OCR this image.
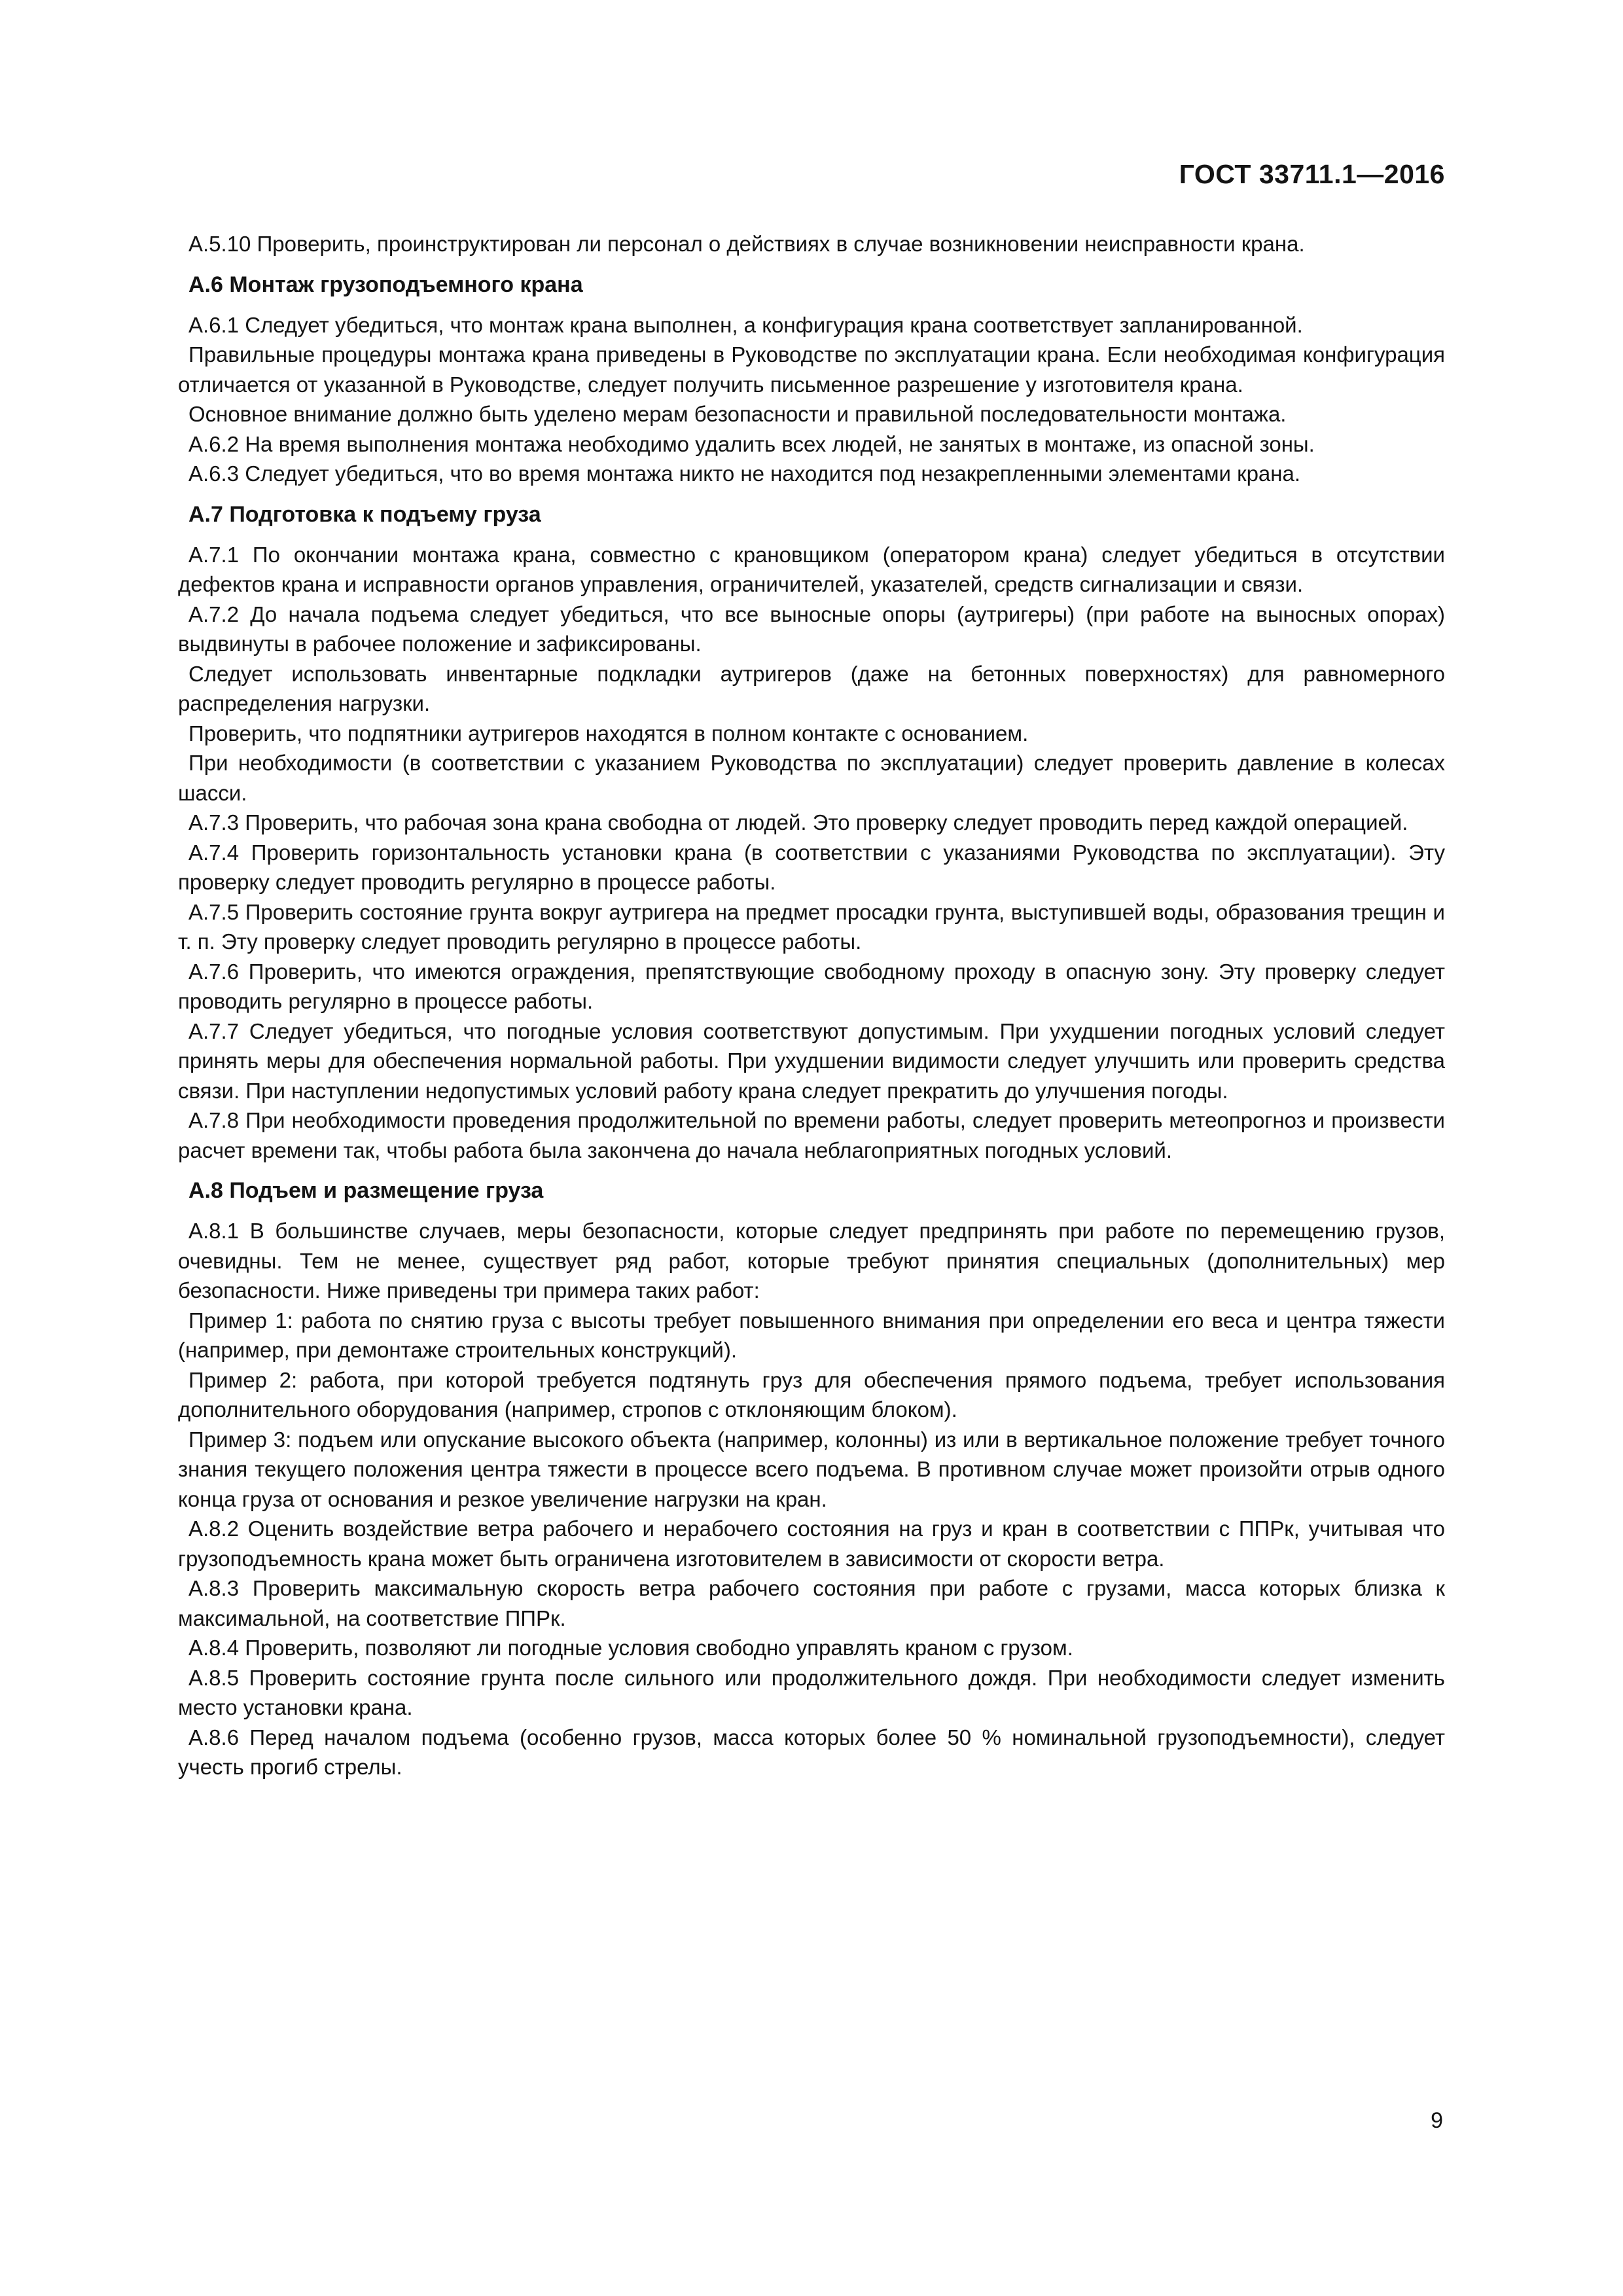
ГОСТ 33711.1—2016
А.5.10 Проверить, проинструктирован ли персонал о действиях в случае возникновении неисправности крана.
А.6 Монтаж грузоподъемного крана
А.6.1 Следует убедиться, что монтаж крана выполнен, а конфигурация крана соответствует запланированной.
Правильные процедуры монтажа крана приведены в Руководстве по эксплуатации крана. Если необходимая конфигурация отличается от указанной в Руководстве, следует получить письменное разрешение у изготовителя крана.
Основное внимание должно быть уделено мерам безопасности и правильной последовательности монтажа.
А.6.2 На время выполнения монтажа необходимо удалить всех людей, не занятых в монтаже, из опасной зоны.
А.6.3 Следует убедиться, что во время монтажа никто не находится под незакрепленными элементами крана.
А.7 Подготовка к подъему груза
А.7.1 По окончании монтажа крана, совместно с крановщиком (оператором крана) следует убедиться в отсутствии дефектов крана и исправности органов управления, ограничителей, указателей, средств сигнализации и связи.
А.7.2 До начала подъема следует убедиться, что все выносные опоры (аутригеры) (при работе на выносных опорах) выдвинуты в рабочее положение и зафиксированы.
Следует использовать инвентарные подкладки аутригеров (даже на бетонных поверхностях) для равномерного распределения нагрузки.
Проверить, что подпятники аутригеров находятся в полном контакте с основанием.
При необходимости (в соответствии с указанием Руководства по эксплуатации) следует проверить давление в колесах шасси.
А.7.3 Проверить, что рабочая зона крана свободна от людей. Это проверку следует проводить перед каждой операцией.
А.7.4 Проверить горизонтальность установки крана (в соответствии с указаниями Руководства по эксплуатации). Эту проверку следует проводить регулярно в процессе работы.
А.7.5 Проверить состояние грунта вокруг аутригера на предмет просадки грунта, выступившей воды, образования трещин и т. п. Эту проверку следует проводить регулярно в процессе работы.
А.7.6 Проверить, что имеются ограждения, препятствующие свободному проходу в опасную зону. Эту проверку следует проводить регулярно в процессе работы.
А.7.7 Следует убедиться, что погодные условия соответствуют допустимым. При ухудшении погодных условий следует принять меры для обеспечения нормальной работы. При ухудшении видимости следует улучшить или проверить средства связи. При наступлении недопустимых условий работу крана следует прекратить до улучшения погоды.
А.7.8 При необходимости проведения продолжительной по времени работы, следует проверить метеопрогноз и произвести расчет времени так, чтобы работа была закончена до начала неблагоприятных погодных условий.
А.8 Подъем и размещение груза
А.8.1 В большинстве случаев, меры безопасности, которые следует предпринять при работе по перемещению грузов, очевидны. Тем не менее, существует ряд работ, которые требуют принятия специальных (дополнительных) мер безопасности. Ниже приведены три примера таких работ:
Пример 1: работа по снятию груза с высоты требует повышенного внимания при определении его веса и центра тяжести (например, при демонтаже строительных конструкций).
Пример 2: работа, при которой требуется подтянуть груз для обеспечения прямого подъема, требует использования дополнительного оборудования (например, стропов с отклоняющим блоком).
Пример 3: подъем или опускание высокого объекта (например, колонны) из или в вертикальное положение требует точного знания текущего положения центра тяжести в процессе всего подъема. В противном случае может произойти отрыв одного конца груза от основания и резкое увеличение нагрузки на кран.
А.8.2 Оценить воздействие ветра рабочего и нерабочего состояния на груз и кран в соответствии с ППРк, учитывая что грузоподъемность крана может быть ограничена изготовителем в зависимости от скорости ветра.
А.8.3 Проверить максимальную скорость ветра рабочего состояния при работе с грузами, масса которых близка к максимальной, на соответствие ППРк.
А.8.4 Проверить, позволяют ли погодные условия свободно управлять краном с грузом.
А.8.5 Проверить состояние грунта после сильного или продолжительного дождя. При необходимости следует изменить место установки крана.
А.8.6 Перед началом подъема (особенно грузов, масса которых более 50 % номинальной грузоподъемности), следует учесть прогиб стрелы.
9
